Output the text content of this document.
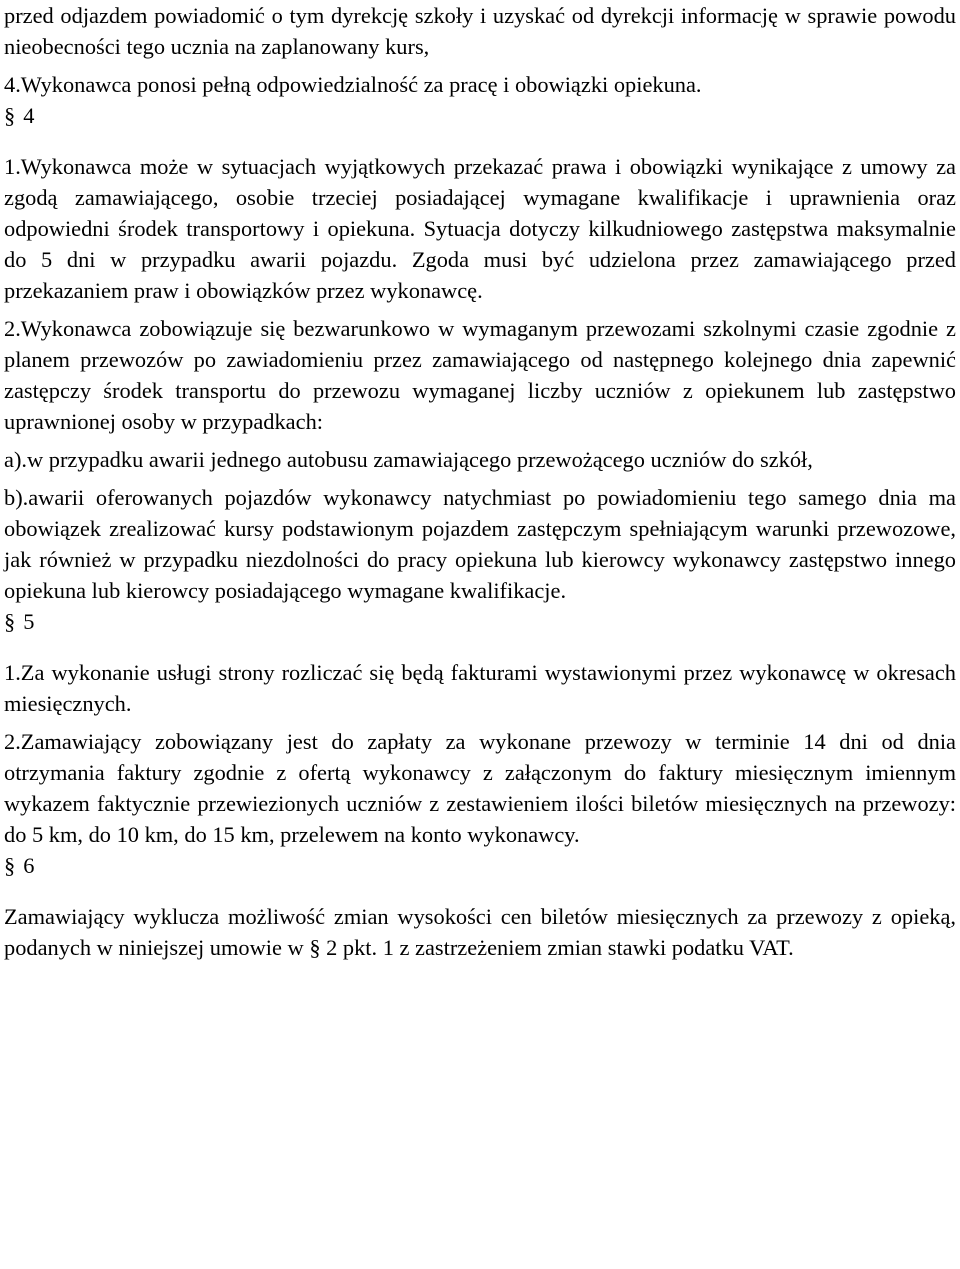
przed odjazdem powiadomić o tym dyrekcję szkoły i uzyskać od dyrekcji informację w sprawie powodu nieobecności tego ucznia na zaplanowany kurs,

4.Wykonawca ponosi pełną odpowiedzialność za pracę i obowiązki opiekuna.

§ 4

1.Wykonawca może w sytuacjach wyjątkowych przekazać prawa i obowiązki wynikające z umowy za zgodą zamawiającego, osobie trzeciej posiadającej wymagane kwalifikacje i uprawnienia oraz odpowiedni środek transportowy i opiekuna. Sytuacja dotyczy kilkudniowego zastępstwa maksymalnie do 5 dni w przypadku awarii pojazdu. Zgoda musi być udzielona przez zamawiającego przed przekazaniem praw i obowiązków przez wykonawcę.

2.Wykonawca zobowiązuje się bezwarunkowo w wymaganym przewozami szkolnymi czasie zgodnie z planem przewozów po zawiadomieniu przez zamawiającego od następnego kolejnego dnia zapewnić zastępczy środek transportu do przewozu wymaganej liczby uczniów z opiekunem lub zastępstwo uprawnionej osoby w przypadkach:

a).w przypadku awarii jednego autobusu zamawiającego przewożącego uczniów do szkół,

b).awarii oferowanych pojazdów wykonawcy natychmiast po powiadomieniu tego samego dnia ma obowiązek zrealizować kursy podstawionym pojazdem zastępczym spełniającym warunki przewozowe, jak również w przypadku niezdolności do pracy opiekuna lub kierowcy wykonawcy zastępstwo innego opiekuna lub kierowcy posiadającego wymagane kwalifikacje.

§ 5

1.Za wykonanie usługi strony rozliczać się będą fakturami wystawionymi przez wykonawcę w okresach miesięcznych.

2.Zamawiający zobowiązany jest do zapłaty za wykonane przewozy w terminie 14 dni od dnia otrzymania faktury zgodnie z ofertą wykonawcy z załączonym do faktury miesięcznym imiennym wykazem faktycznie przewiezionych uczniów z zestawieniem ilości biletów miesięcznych na przewozy: do 5 km, do 10 km, do 15 km, przelewem na konto wykonawcy.

§ 6

Zamawiający wyklucza możliwość zmian wysokości cen biletów miesięcznych za przewozy z opieką, podanych w niniejszej umowie w § 2 pkt. 1 z zastrzeżeniem zmian stawki podatku VAT.
